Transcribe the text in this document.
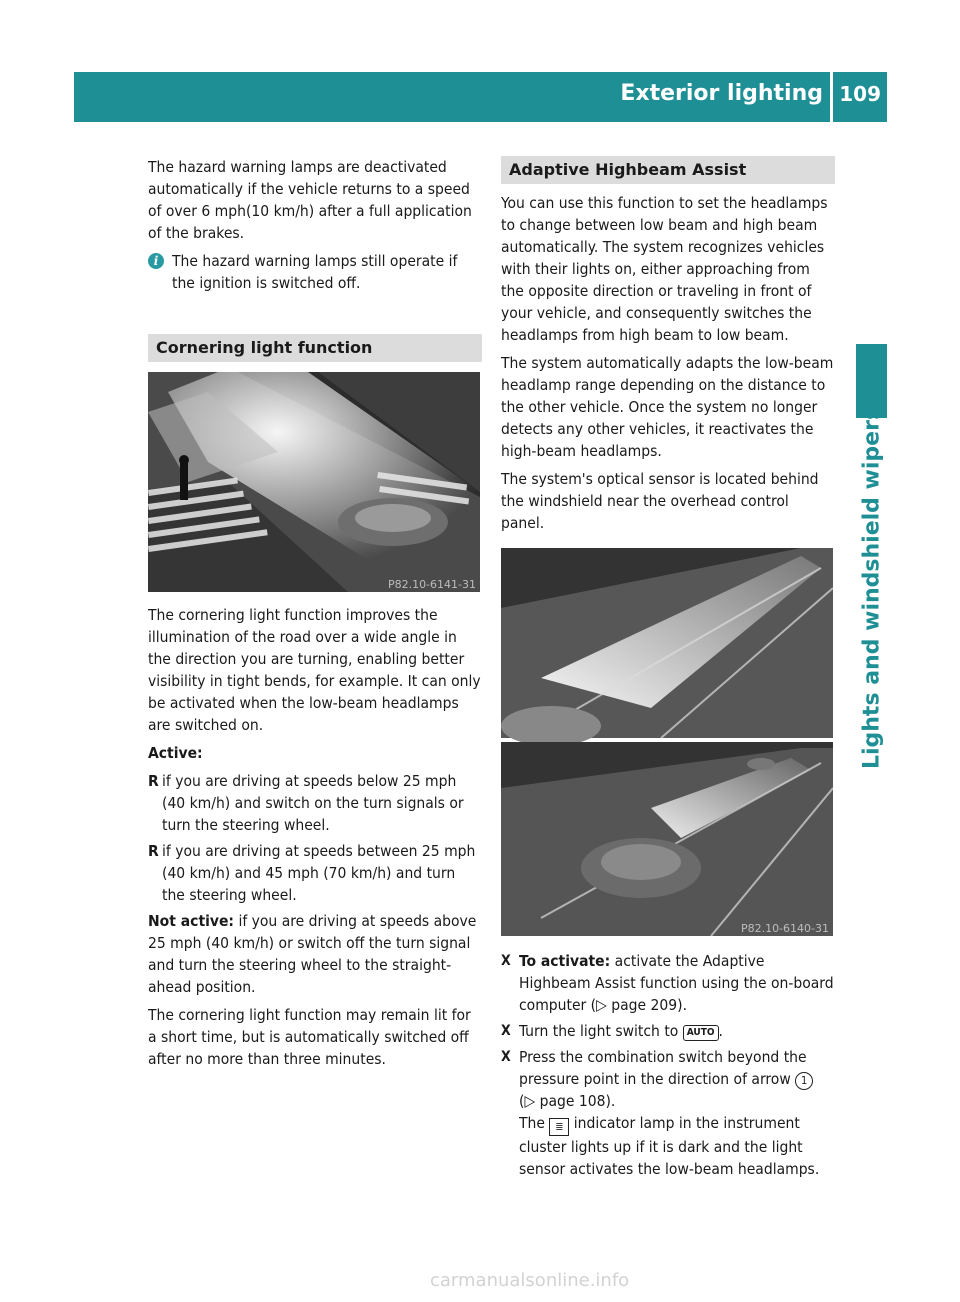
Exterior lighting 109
Lights and windshield wipers

The hazard warning lamps are deactivated automatically if the vehicle returns to a speed of over 6 mph(10 km/h) after a full application of the brakes.

i The hazard warning lamps still operate if the ignition is switched off.
Cornering light function
P82.10-6141-31

The cornering light function improves the illumination of the road over a wide angle in the direction you are turning, enabling better visibility in tight bends, for example. It can only be activated when the low-beam headlamps are switched on.

Active:

R if you are driving at speeds below 25 mph (40 km/h) and switch on the turn signals or turn the steering wheel.
R if you are driving at speeds between 25 mph (40 km/h) and 45 mph (70 km/h) and turn the steering wheel.

Not active: if you are driving at speeds above 25 mph (40 km/h) or switch off the turn signal and turn the steering wheel to the straight-ahead position.

The cornering light function may remain lit for a short time, but is automatically switched off after no more than three minutes.

Adaptive Highbeam Assist

You can use this function to set the headlamps to change between low beam and high beam automatically. The system recognizes vehicles with their lights on, either approaching from the opposite direction or traveling in front of your vehicle, and consequently switches the headlamps from high beam to low beam.

The system automatically adapts the low-beam headlamp range depending on the distance to the other vehicle. Once the system no longer detects any other vehicles, it reactivates the high-beam headlamps.

The system's optical sensor is located behind the windshield near the overhead control panel.

P82.10-6140-31
X To activate: activate the Adaptive Highbeam Assist function using the on-board computer (▷ page 209).
X Turn the light switch to AUTO .
X Press the combination switch beyond the pressure point in the direction of arrow 1
(▷ page 108).
The ≣ indicator lamp in the instrument cluster lights up if it is dark and the light sensor activates the low-beam headlamps.
carmanualsonline.info
